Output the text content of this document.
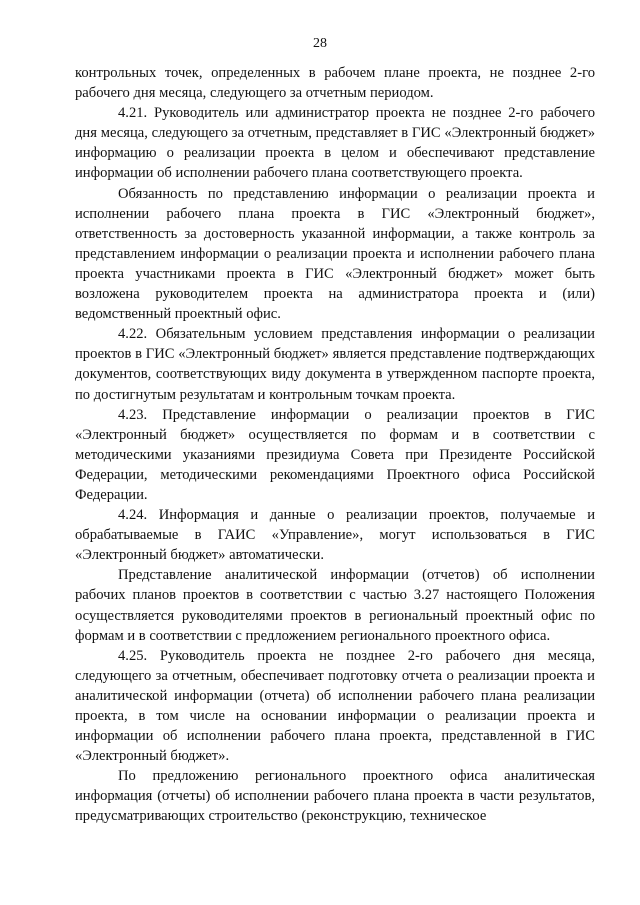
28

контрольных точек, определенных в рабочем плане проекта, не позднее 2-го рабочего дня месяца, следующего за отчетным периодом.

4.21. Руководитель или администратор проекта не позднее 2-го рабочего дня месяца, следующего за отчетным, представляет в ГИС «Электронный бюджет» информацию о реализации проекта в целом и обеспечивают представление информации об исполнении рабочего плана соответствующего проекта.

Обязанность по представлению информации о реализации проекта и исполнении рабочего плана проекта в ГИС «Электронный бюджет», ответственность за достоверность указанной информации, а также контроль за представлением информации о реализации проекта и исполнении рабочего плана проекта участниками проекта в ГИС «Электронный бюджет» может быть возложена руководителем проекта на администратора проекта и (или) ведомственный проектный офис.

4.22. Обязательным условием представления информации о реализации проектов в ГИС «Электронный бюджет» является представление подтверждающих документов, соответствующих виду документа в утвержденном паспорте проекта, по достигнутым результатам и контрольным точкам проекта.

4.23. Представление информации о реализации проектов в ГИС «Электронный бюджет» осуществляется по формам и в соответствии с методическими указаниями президиума Совета при Президенте Российской Федерации, методическими рекомендациями Проектного офиса Российской Федерации.

4.24. Информация и данные о реализации проектов, получаемые и обрабатываемые в ГАИС «Управление», могут использоваться в ГИС «Электронный бюджет» автоматически.

Представление аналитической информации (отчетов) об исполнении рабочих планов проектов в соответствии с частью 3.27 настоящего Положения осуществляется руководителями проектов в региональный проектный офис по формам и в соответствии с предложением регионального проектного офиса.

4.25. Руководитель проекта не позднее 2-го рабочего дня месяца, следующего за отчетным, обеспечивает подготовку отчета о реализации проекта и аналитической информации (отчета) об исполнении рабочего плана реализации проекта, в том числе на основании информации о реализации проекта и информации об исполнении рабочего плана проекта, представленной в ГИС «Электронный бюджет».

По предложению регионального проектного офиса аналитическая информация (отчеты) об исполнении рабочего плана проекта в части результатов, предусматривающих строительство (реконструкцию, техническое
